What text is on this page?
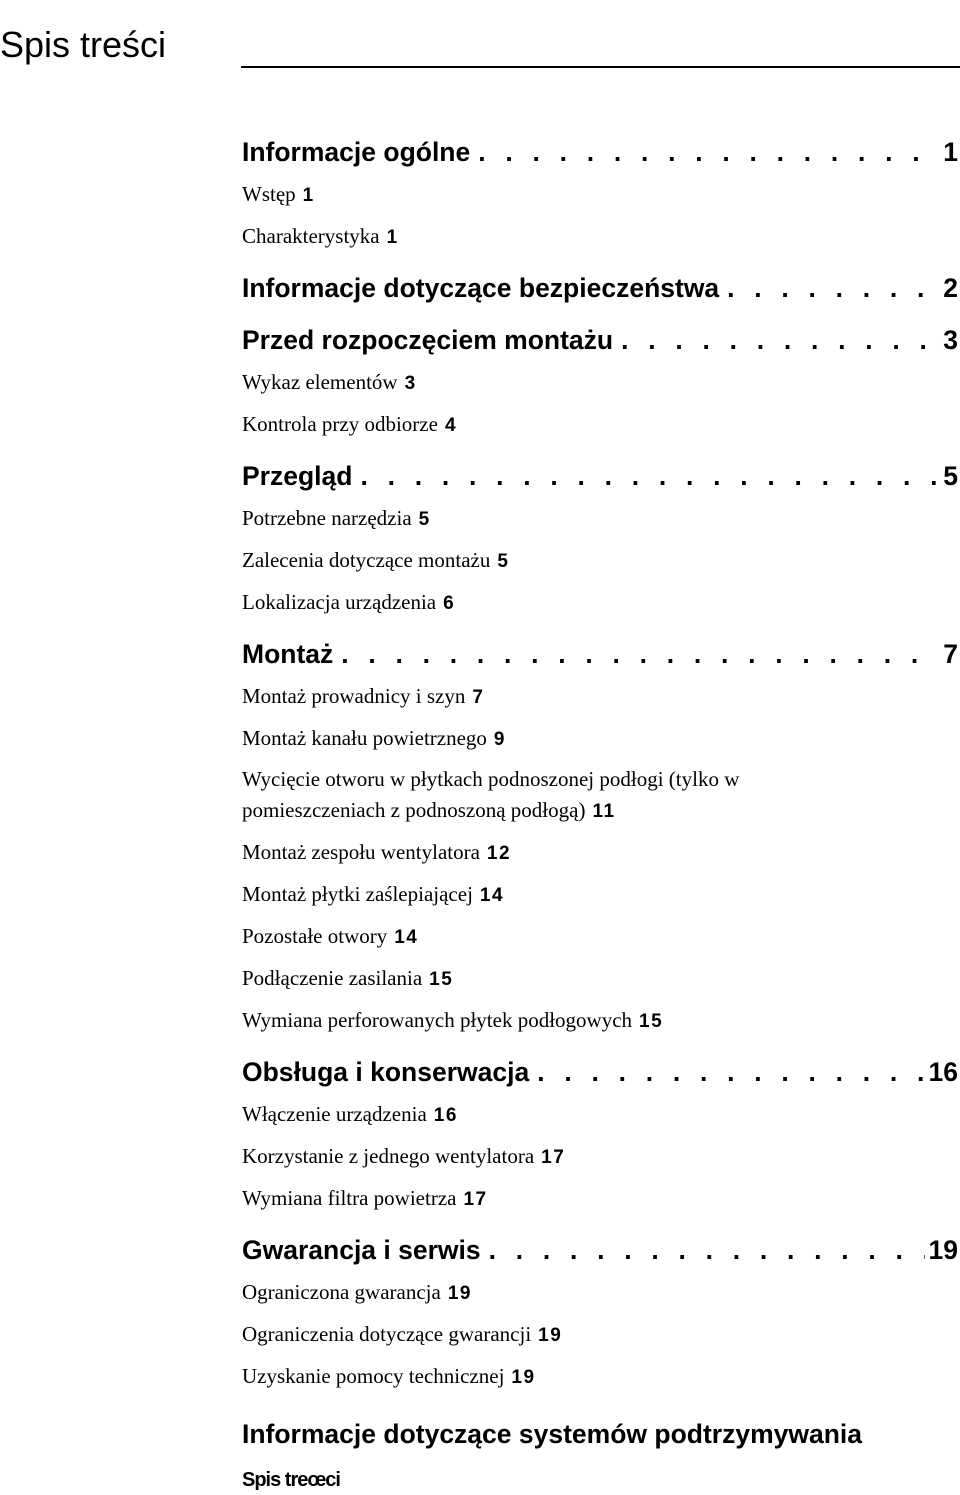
Spis treści
Informacje ogólne . . .	1
Wstęp 1
Charakterystyka 1
Informacje dotyczące bezpieczeństwa . . .	2
Przed rozpoczęciem montażu . . .	3
Wykaz elementów 3
Kontrola przy odbiorze 4
Przegląd . . .	5
Potrzebne narzędzia 5
Zalecenia dotyczące montażu 5
Lokalizacja urządzenia 6
Montaż . . .	7
Montaż prowadnicy i szyn 7
Montaż kanału powietrznego 9
Wycięcie otworu w płytkach podnoszonej podłogi (tylko w pomieszczeniach z podnoszoną podłogą) 11
Montaż zespołu wentylatora 12
Montaż płytki zaślepiającej 14
Pozostałe otwory 14
Podłączenie zasilania 15
Wymiana perforowanych płytek podłogowych 15
Obsługa i konserwacja . . .	16
Włączenie urządzenia 16
Korzystanie z jednego wentylatora 17
Wymiana filtra powietrza 17
Gwarancja i serwis . . .	19
Ograniczona gwarancja 19
Ograniczenia dotyczące gwarancji 19
Uzyskanie pomocy technicznej 19
Informacje dotyczące systemów podtrzymywania
Spis treœci
